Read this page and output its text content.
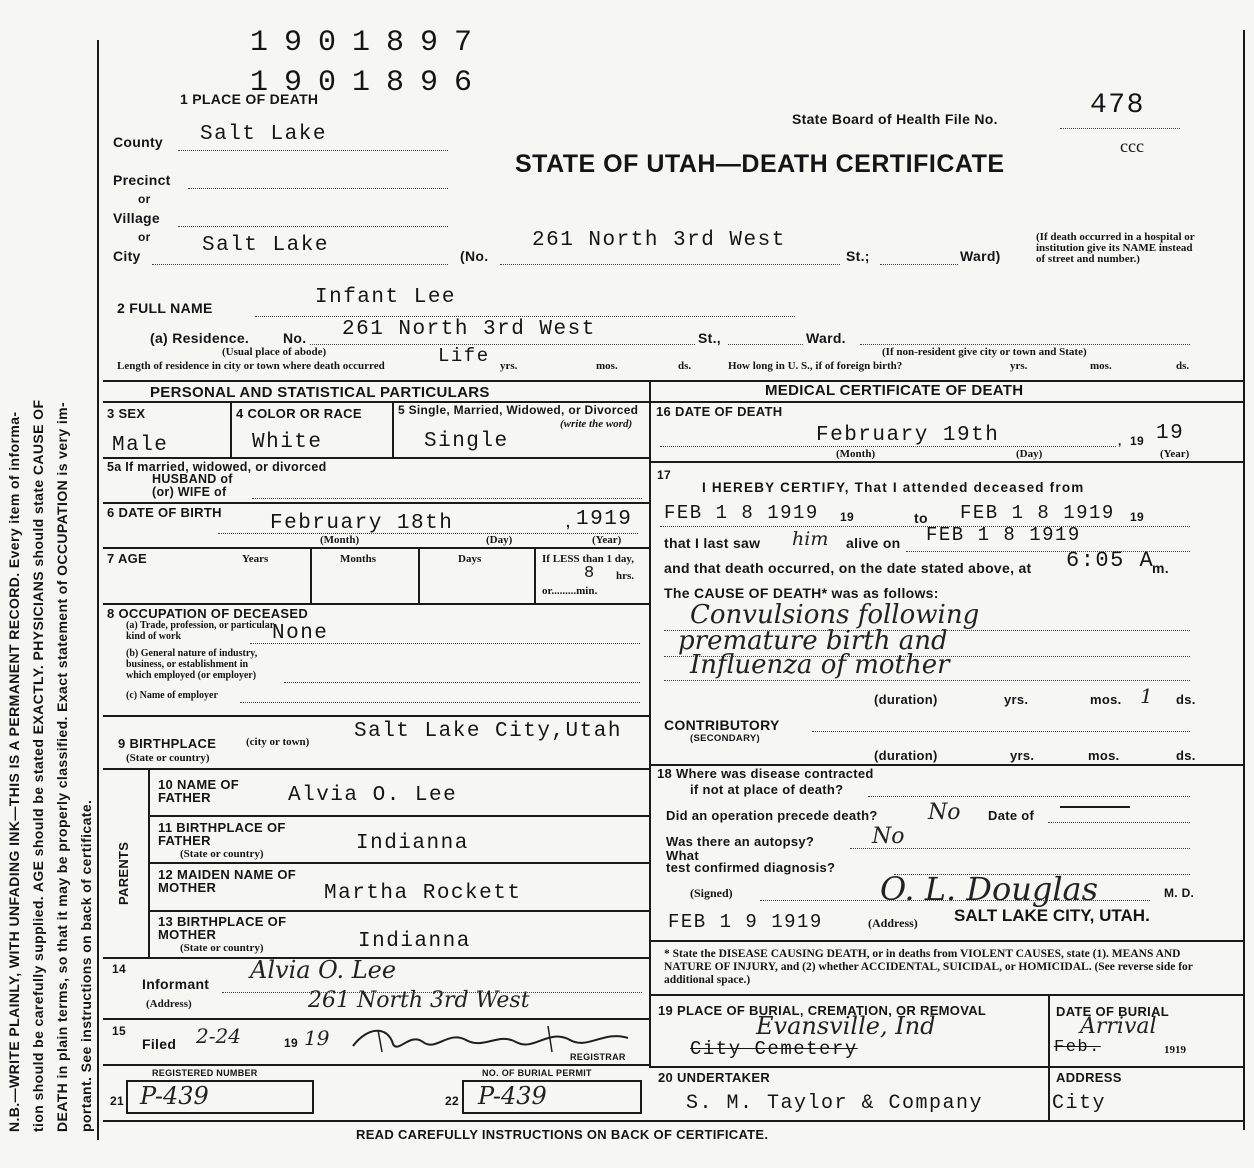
N.B.—WRITE PLAINLY, WITH UNFADING INK—THIS IS A PERMANENT RECORD. Every item of informa- tion should be carefully supplied. AGE should be stated EXACTLY. PHYSICIANS should state CAUSE OF DEATH in plain terms, so that it may be properly classified. Exact statement of OCCUPATION is very im- portant. See instructions on back of certificate.
1901897
1901896
1 PLACE OF DEATH
State Board of Health File No.	478
ccc
STATE OF UTAH—DEATH CERTIFICATE
County Salt Lake
Precinct
or
Village
or
City	Salt Lake	(No.
261 North 3rd West
St.;	Ward)
(If death occurred in a hospital or institution give its NAME instead of street and number.)
2 FULL NAME	Infant Lee
(a) Residence. No. 261 North 3rd West	St.,	Ward.
(Usual place of abode)	(If non-resident give city or town and State)
Length of residence in city or town where death occurred	Life yrs.	mos.	ds.	How long in U. S., if of foreign birth?	yrs.	mos.	ds.
PERSONAL AND STATISTICAL PARTICULARS	MEDICAL CERTIFICATE OF DEATH
3 SEX
Male
4 COLOR OR RACE
White
5 Single, Married, Widowed, or Divorced
(write the word)
Single
5a If married, widowed, or divorced
HUSBAND of
(or) WIFE of
6 DATE OF BIRTH February 18th	, 1919
(Month)	(Day)	(Year)
7 AGE	Years	Months	Days	If LESS than 1 day,
8 hrs.
or.........min.
8 OCCUPATION OF DECEASED
(a) Trade, profession, or particular kind of work	None
(b) General nature of industry, business, or establishment in which employed (or employer)
(c) Name of employer
9 BIRTHPLACE	(city or town) Salt Lake City,Utah
(State or country)
PARENTS
10 NAME OF FATHER	Alvia O. Lee
11 BIRTHPLACE OF FATHER
(State or country)	Indianna
12 MAIDEN NAME OF MOTHER	Martha Rockett
13 BIRTHPLACE OF MOTHER
(State or country)	Indianna
14
Informant Alvia O. Lee
(Address)	261 North 3rd West
15
Filed 2-24	19 19
REGISTRAR
REGISTERED NUMBER	NO. OF BURIAL PERMIT
21 P-439	22 P-439
16 DATE OF DEATH
February 19th	, 19 19
(Month)	(Day)	(Year)
17
I HEREBY CERTIFY, That I attended deceased from
FEB 1 8 1919 19	to FEB 1 8 1919 19
that I last saw him alive on FEB 1 8 1919
and that death occurred, on the date stated above, at 6:05 A
m.
The CAUSE OF DEATH* was as follows:
Convulsions following
premature birth and
Influenza of mother
(duration)	yrs.	mos. 1 ds.
CONTRIBUTORY
(SECONDARY)
(duration)	yrs.	mos.	ds.
18 Where was disease contracted
if not at place of death?
Did an operation precede death? No Date of
Was there an autopsy?	No
What
test confirmed diagnosis?
(Signed)	O. L. Douglas	M. D.
FEB 1 9 1919	(Address) SALT LAKE CITY, UTAH.
* State the DISEASE CAUSING DEATH, or in deaths from VIOLENT CAUSES, state (1). MEANS AND NATURE OF INJURY, and (2) whether ACCIDENTAL, SUICIDAL, or HOMICIDAL. (See reverse side for additional space.)
19 PLACE OF BURIAL, CREMATION, OR REMOVAL
Evansville, Ind
City Cemetery
DATE OF BURIAL
Arrival
Feb.	1919
20 UNDERTAKER
S. M. Taylor & Company
ADDRESS
City
READ CAREFULLY INSTRUCTIONS ON BACK OF CERTIFICATE.
